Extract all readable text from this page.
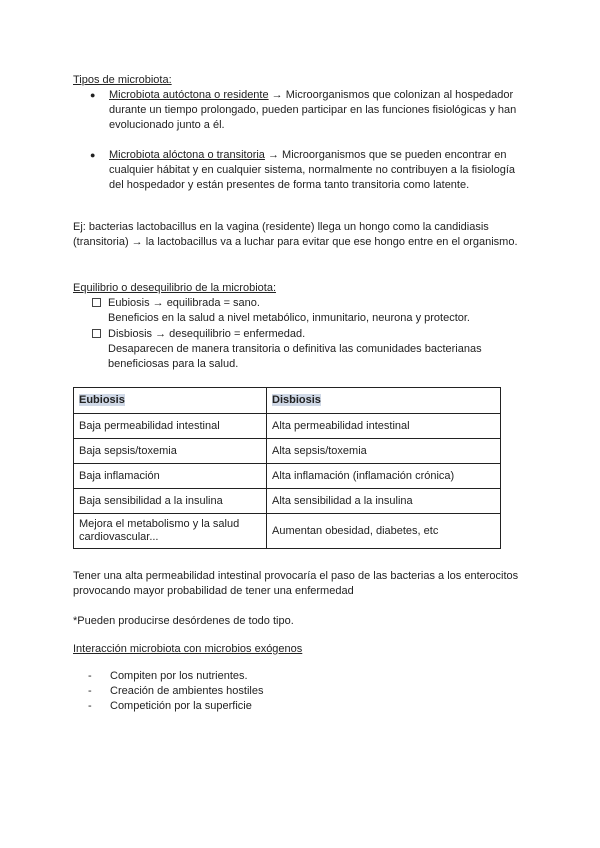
Tipos de microbiota:
● Microbiota autóctona o residente → Microorganismos que colonizan al hospedador durante un tiempo prolongado, pueden participar en las funciones fisiológicas y han evolucionado junto a él.
● Microbiota alóctona o transitoria → Microorganismos que se pueden encontrar en cualquier hábitat y en cualquier sistema, normalmente no contribuyen a la fisiología del hospedador y están presentes de forma tanto transitoria como latente.
Ej: bacterias lactobacillus en la vagina (residente) llega un hongo como la candidiasis (transitoria) → la lactobacillus va a luchar para evitar que ese hongo entre en el organismo.
Equilibrio o desequilibrio de la microbiota:
Eubiosis → equilibrada = sano.
Beneficios en la salud a nivel metabólico, inmunitario, neurona y protector.
Disbiosis → desequilibrio = enfermedad.
Desaparecen de manera transitoria o definitiva las comunidades bacterianas beneficiosas para la salud.
Eubiosis	Disbiosis
Baja permeabilidad intestinal	Alta permeabilidad intestinal
Baja sepsis/toxemia	Alta sepsis/toxemia
Baja inflamación	Alta inflamación (inflamación crónica)
Baja sensibilidad a la insulina	Alta sensibilidad a la insulina
Mejora el metabolismo y la salud cardiovascular...	Aumentan obesidad, diabetes, etc
Tener una alta permeabilidad intestinal provocaría el paso de las bacterias a los enterocitos provocando mayor probabilidad de tener una enfermedad
*Pueden producirse desórdenes de todo tipo.
Interacción microbiota con microbios exógenos
- Compiten por los nutrientes.
- Creación de ambientes hostiles
- Competición por la superficie
